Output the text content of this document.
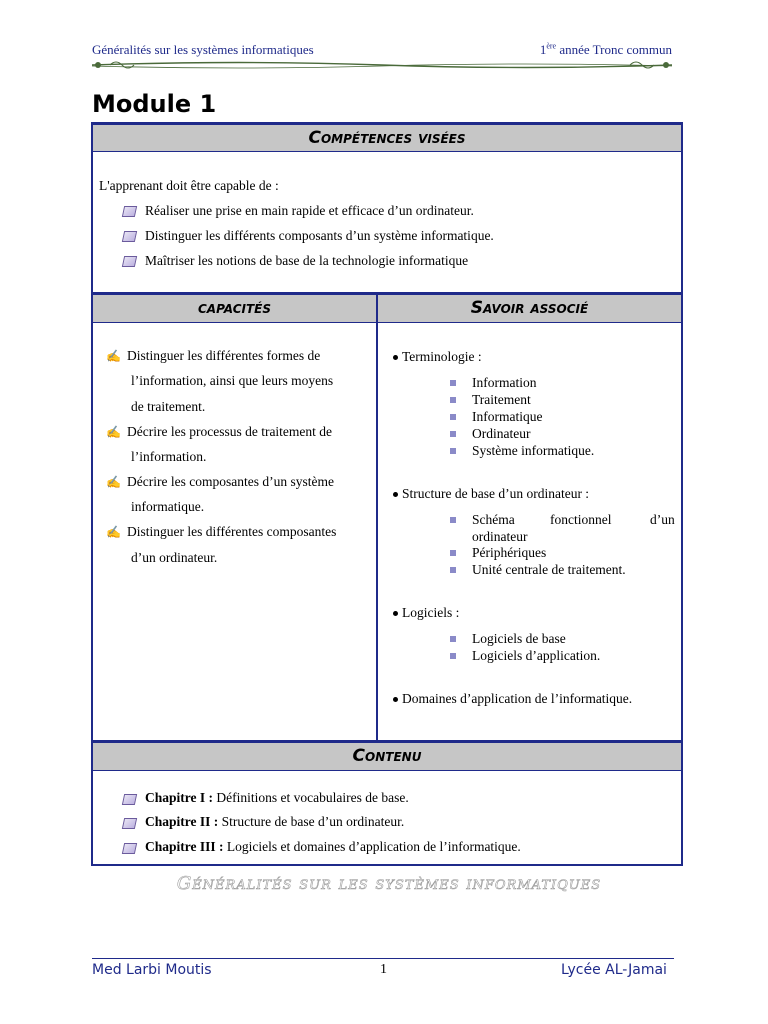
Généralités sur les systèmes informatiques	1ère année Tronc commun
Module 1
Compétences visées
L'apprenant doit être capable de :
Réaliser une prise en main rapide et efficace d’un ordinateur.
Distinguer les différents composants d’un système informatique.
Maîtriser les notions de base de la technologie informatique
capacités	Savoir associé
✍ Distinguer les différentes formes de
l’information, ainsi que leurs moyens
de traitement.
✍ Décrire les processus de traitement de
l’information.
✍ Décrire les composantes d’un système
informatique.
✍ Distinguer les différentes composantes
d’un ordinateur.
Terminologie :
Information
Traitement
Informatique
Ordinateur
Système informatique.
Structure de base d’un ordinateur :
Schéma	fonctionnel	d’un
ordinateur
Périphériques
Unité centrale de traitement.
Logiciels :
Logiciels de base
Logiciels d’application.
Domaines d’application de l’informatique.
Contenu
Chapitre I : Définitions et vocabulaires de base.
Chapitre II : Structure de base d’un ordinateur.
Chapitre III : Logiciels et domaines d’application de l’informatique.
Généralités sur les systèmes informatiques
Med Larbi Moutis	1	Lycée AL-Jamai
